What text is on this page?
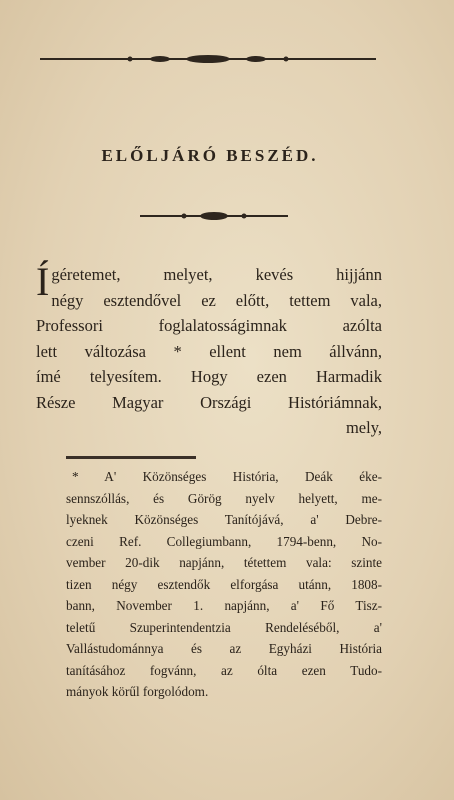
ELŐLJÁRÓ BESZÉD.
Í géretemet, melyet, kevés hijjánn
négy esztendővel ez előtt, tettem vala,
Professori foglalatosságimnak azólta
lett változása * ellent nem állvánn,
ímé telyesítem. Hogy ezen Harmadik
Része Magyar Országi Históriámnak,
mely,
* A' Közönséges História, Deák éke-
sennszóllás, és Görög nyelv helyett, me-
lyeknek Közönséges Tanítójává, a' Debre-
czeni Ref. Collegiumbann, 1794-benn, No-
vember 20-dik napjánn, tétettem vala: szinte
tizen négy esztendők elforgása utánn, 1808-
bann, November 1. napjánn, a' Fő Tisz-
teletű Szuperintendentzia Rendeléséből, a'
Vallástudománnya és az Egyházi História
tanításához fogvánn, az ólta ezen Tudo-
mányok körűl forgolódom.
